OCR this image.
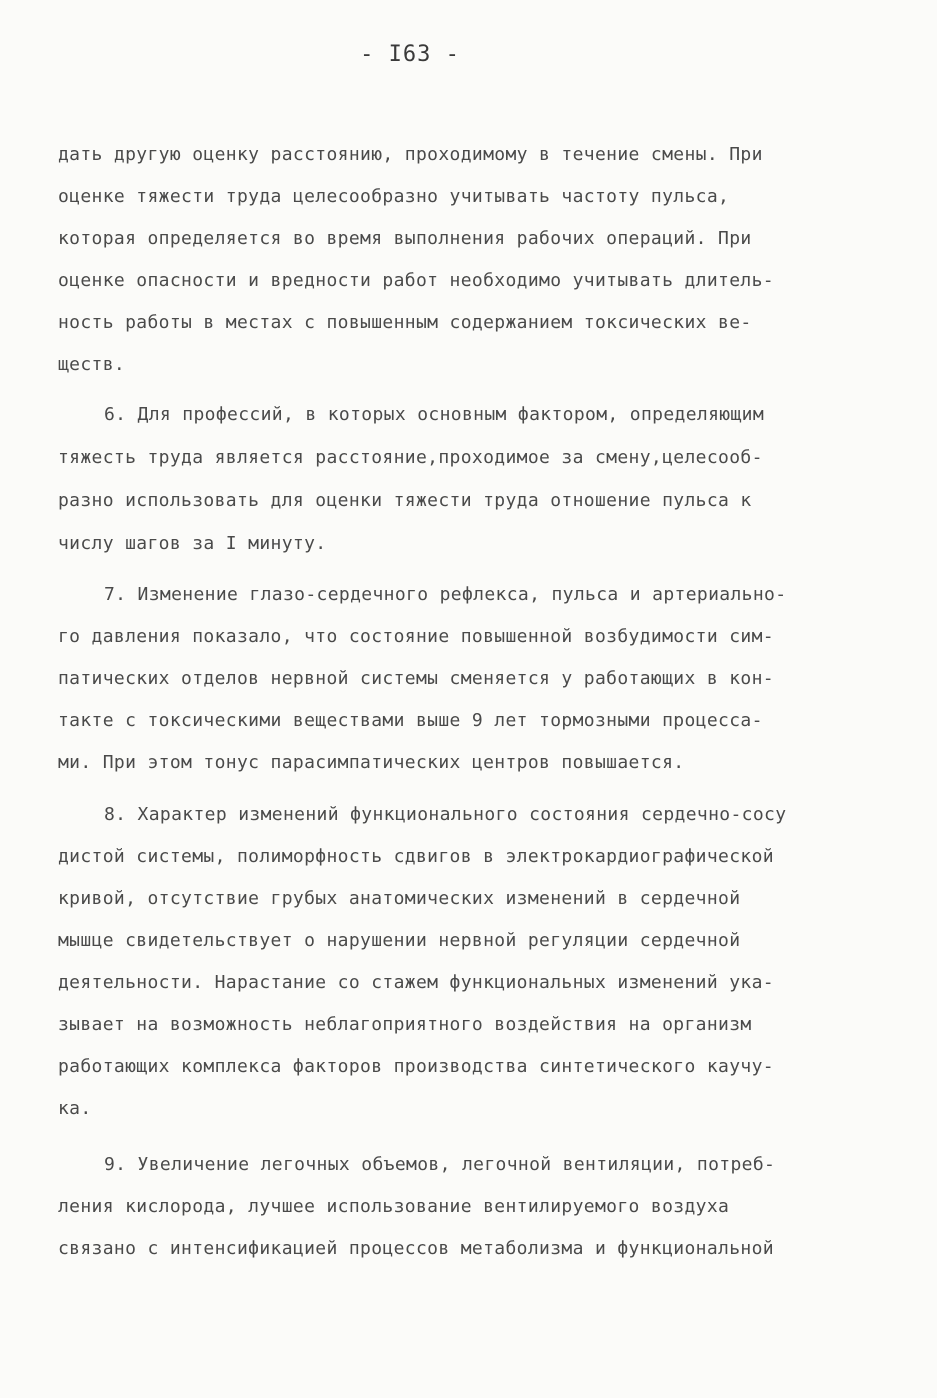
- I63 -
дать другую оценку расстоянию, проходимому в течение смены. При
оценке тяжести труда целесообразно учитывать частоту пульса,
которая определяется во время выполнения рабочих операций. При
оценке опасности и вредности работ необходимо учитывать длитель-
ность работы в местах с повышенным содержанием токсических ве-
ществ.
6. Для профессий, в которых основным фактором, определяющим
тяжесть труда является расстояние,проходимое за смену,целесооб-
разно использовать для оценки тяжести труда отношение пульса к
числу шагов за I минуту.
7. Изменение глазо-сердечного рефлекса, пульса и артериально-
го давления показало, что состояние повышенной возбудимости сим-
патических отделов нервной системы сменяется у работающих в кон-
такте с токсическими веществами выше 9 лет тормозными процесса-
ми. При этом тонус парасимпатических центров повышается.
8. Характер изменений функционального состояния сердечно-сосу
дистой системы, полиморфность сдвигов в электрокардиографической
кривой, отсутствие грубых анатомических изменений в сердечной
мышце свидетельствует о нарушении нервной регуляции сердечной
деятельности. Нарастание со стажем функциональных изменений ука-
зывает на возможность неблагоприятного воздействия на организм
работающих комплекса факторов производства синтетического каучу-
ка.
9. Увеличение легочных объемов, легочной вентиляции, потреб-
ления кислорода, лучшее использование вентилируемого воздуха
связано с интенсификацией процессов метаболизма и функциональной
